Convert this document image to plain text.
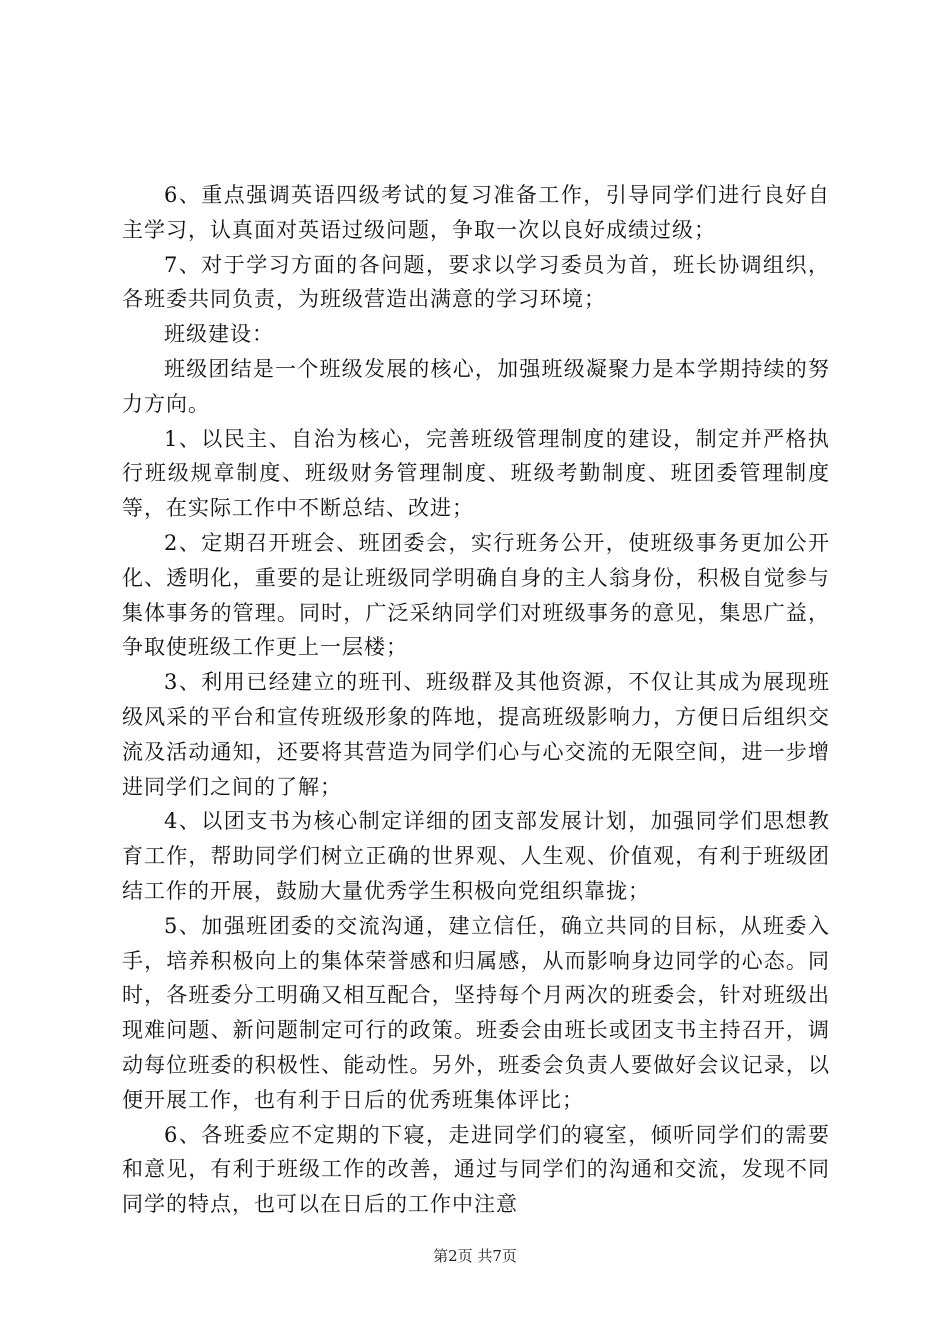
6、重点强调英语四级考试的复习准备工作，引导同学们进行良好自主学习，认真面对英语过级问题，争取一次以良好成绩过级；

7、对于学习方面的各问题，要求以学习委员为首，班长协调组织，各班委共同负责，为班级营造出满意的学习环境；

班级建设：

班级团结是一个班级发展的核心，加强班级凝聚力是本学期持续的努力方向。

1、以民主、自治为核心，完善班级管理制度的建设，制定并严格执行班级规章制度、班级财务管理制度、班级考勤制度、班团委管理制度等，在实际工作中不断总结、改进；

2、定期召开班会、班团委会，实行班务公开，使班级事务更加公开化、透明化，重要的是让班级同学明确自身的主人翁身份，积极自觉参与集体事务的管理。同时，广泛采纳同学们对班级事务的意见，集思广益，争取使班级工作更上一层楼；

3、利用已经建立的班刊、班级群及其他资源，不仅让其成为展现班级风采的平台和宣传班级形象的阵地，提高班级影响力，方便日后组织交流及活动通知，还要将其营造为同学们心与心交流的无限空间，进一步增进同学们之间的了解；

4、以团支书为核心制定详细的团支部发展计划，加强同学们思想教育工作，帮助同学们树立正确的世界观、人生观、价值观，有利于班级团结工作的开展，鼓励大量优秀学生积极向党组织靠拢；

5、加强班团委的交流沟通，建立信任，确立共同的目标，从班委入手，培养积极向上的集体荣誉感和归属感，从而影响身边同学的心态。同时，各班委分工明确又相互配合，坚持每个月两次的班委会，针对班级出现难问题、新问题制定可行的政策。班委会由班长或团支书主持召开，调动每位班委的积极性、能动性。另外，班委会负责人要做好会议记录，以便开展工作，也有利于日后的优秀班集体评比；

6、各班委应不定期的下寝，走进同学们的寝室，倾听同学们的需要和意见，有利于班级工作的改善，通过与同学们的沟通和交流，发现不同同学的特点，也可以在日后的工作中注意

第2页 共7页
